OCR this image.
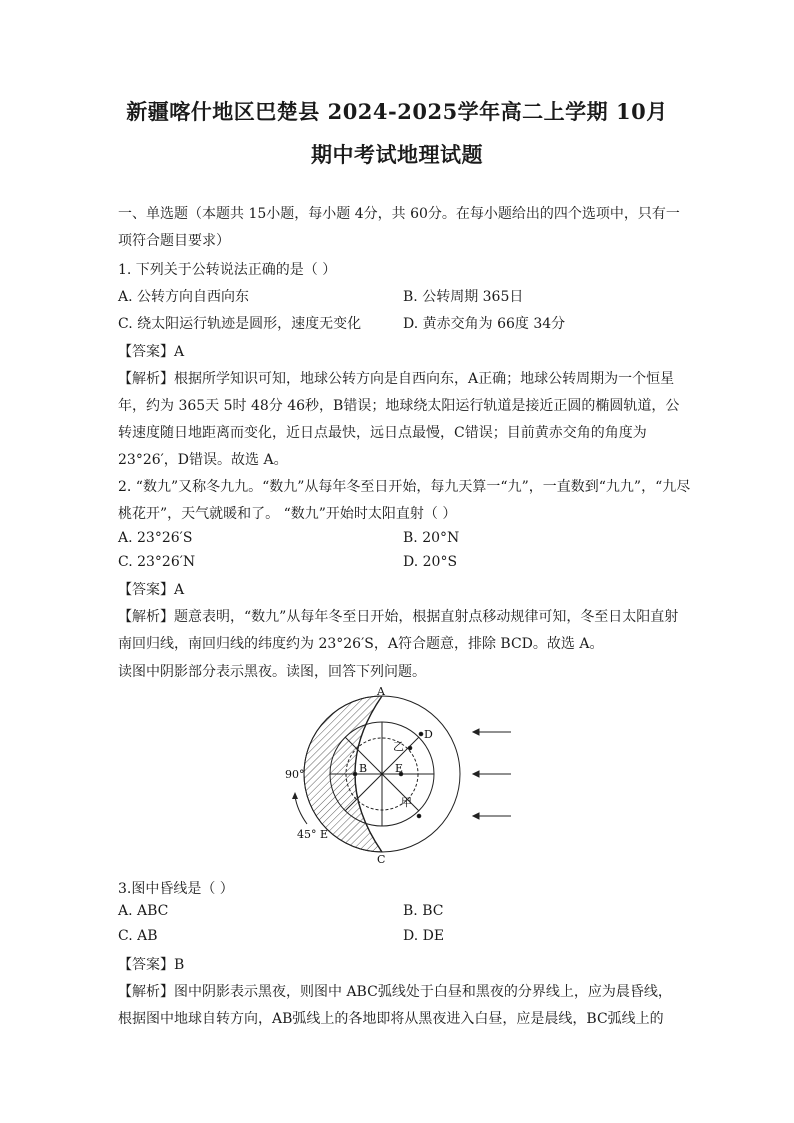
新疆喀什地区巴楚县 2024-2025学年高二上学期 10月
期中考试地理试题
一、单选题（本题共 15小题，每小题 4分，共 60分。在每小题给出的四个选项中，只有一
项符合题目要求）
1. 下列关于公转说法正确的是（ ）
A. 公转方向自西向东	B. 公转周期 365日
C. 绕太阳运行轨迹是圆形，速度无变化	D. 黄赤交角为 66度 34分
【答案】A
【解析】根据所学知识可知，地球公转方向是自西向东，A正确；地球公转周期为一个恒星
年，约为 365天 5时 48分 46秒，B错误；地球绕太阳运行轨道是接近正圆的椭圆轨道，公
转速度随日地距离而变化，近日点最快，远日点最慢，C错误；目前黄赤交角的角度为
23°26′，D错误。故选 A。
2. “数九”又称冬九九。“数九”从每年冬至日开始，每九天算一“九”，一直数到“九九”，“九尽
桃花开”，天气就暖和了。 “数九”开始时太阳直射（ ）
A. 23°26′S	B. 20°N
C. 23°26′N	D. 20°S
【答案】A
【解析】题意表明，“数九”从每年冬至日开始，根据直射点移动规律可知，冬至日太阳直射
南回归线，南回归线的纬度约为 23°26′S，A符合题意，排除 BCD。故选 A。
读图中阴影部分表示黑夜。读图，回答下列问题。
A
C
B	E
D
乙
甲
90°
45° E
3.图中昏线是（ ）
A. ABC	B. BC
C. AB	D. DE
【答案】B
【解析】图中阴影表示黑夜，则图中 ABC弧线处于白昼和黑夜的分界线上，应为晨昏线，
根据图中地球自转方向，AB弧线上的各地即将从黑夜进入白昼，应是晨线，BC弧线上的
